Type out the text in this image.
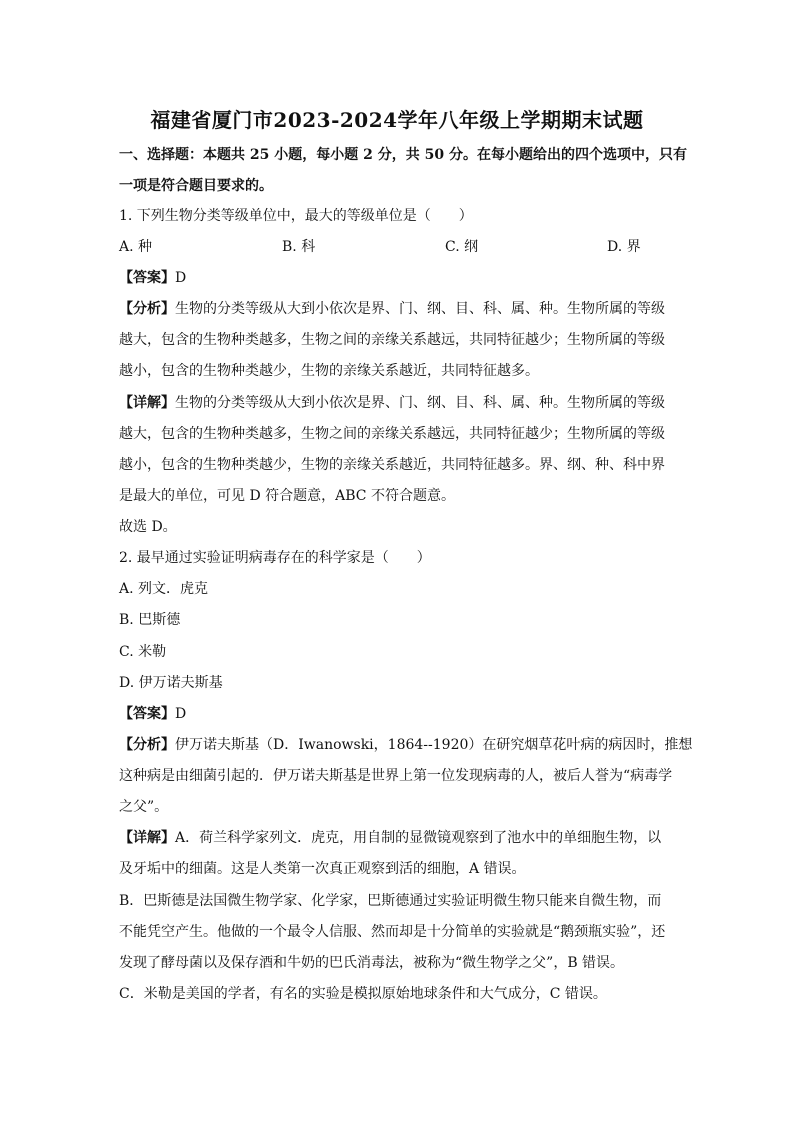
福建省厦门市2023-2024学年八年级上学期期末试题
一、选择题：本题共 25 小题，每小题 2 分，共 50 分。在每小题给出的四个选项中，只有
一项是符合题目要求的。
1. 下列生物分类等级单位中，最大的等级单位是（　　）
A. 种	B. 科	C. 纲	D. 界
【答案】D
【分析】生物的分类等级从大到小依次是界、门、纲、目、科、属、种。生物所属的等级
越大，包含的生物种类越多，生物之间的亲缘关系越远，共同特征越少；生物所属的等级
越小，包含的生物种类越少，生物的亲缘关系越近，共同特征越多。
【详解】生物的分类等级从大到小依次是界、门、纲、目、科、属、种。生物所属的等级
越大，包含的生物种类越多，生物之间的亲缘关系越远，共同特征越少；生物所属的等级
越小，包含的生物种类越少，生物的亲缘关系越近，共同特征越多。界、纲、种、科中界
是最大的单位，可见 D 符合题意，ABC 不符合题意。
故选 D。
2. 最早通过实验证明病毒存在的科学家是（　　）
A. 列文．虎克
B. 巴斯德
C. 米勒
D. 伊万诺夫斯基
【答案】D
【分析】伊万诺夫斯基（D．Iwanowski，1864--1920）在研究烟草花叶病的病因时，推想
这种病是由细菌引起的．伊万诺夫斯基是世界上第一位发现病毒的人，被后人誉为“病毒学
之父”。
【详解】A．荷兰科学家列文．虎克，用自制的显微镜观察到了池水中的单细胞生物，以
及牙垢中的细菌。这是人类第一次真正观察到活的细胞，A 错误。
B．巴斯德是法国微生物学家、化学家，巴斯德通过实验证明微生物只能来自微生物，而
不能凭空产生。他做的一个最令人信服、然而却是十分简单的实验就是“鹅颈瓶实验”，还
发现了酵母菌以及保存酒和牛奶的巴氏消毒法，被称为“微生物学之父”，B 错误。
C．米勒是美国的学者，有名的实验是模拟原始地球条件和大气成分，C 错误。
